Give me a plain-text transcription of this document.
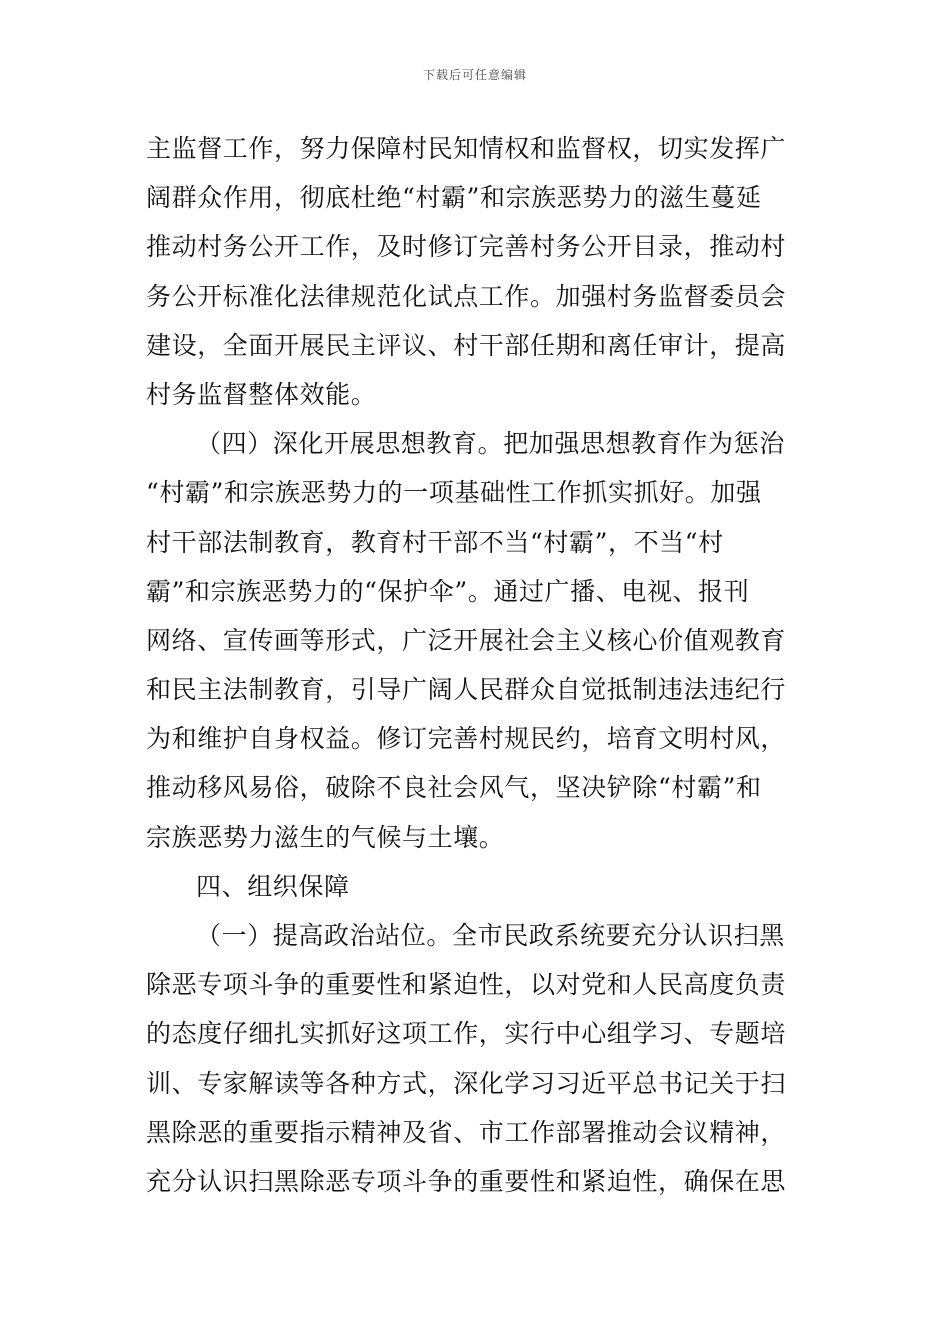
下载后可任意编辑
主监督工作，努力保障村民知情权和监督权，切实发挥广
阔群众作用，彻底杜绝“村霸”和宗族恶势力的滋生蔓延
推动村务公开工作，及时修订完善村务公开目录，推动村
务公开标准化法律规范化试点工作。加强村务监督委员会
建设，全面开展民主评议、村干部任期和离任审计，提高
村务监督整体效能。
（四）深化开展思想教育。把加强思想教育作为惩治
“村霸”和宗族恶势力的一项基础性工作抓实抓好。加强
村干部法制教育，教育村干部不当“村霸”，不当“村
霸”和宗族恶势力的“保护伞”。通过广播、电视、报刊
网络、宣传画等形式，广泛开展社会主义核心价值观教育
和民主法制教育，引导广阔人民群众自觉抵制违法违纪行
为和维护自身权益。修订完善村规民约，培育文明村风，
推动移风易俗，破除不良社会风气，坚决铲除“村霸”和
宗族恶势力滋生的气候与土壤。
四、组织保障
（一）提高政治站位。全市民政系统要充分认识扫黑
除恶专项斗争的重要性和紧迫性，以对党和人民高度负责
的态度仔细扎实抓好这项工作，实行中心组学习、专题培
训、专家解读等各种方式，深化学习习近平总书记关于扫
黑除恶的重要指示精神及省、市工作部署推动会议精神，
充分认识扫黑除恶专项斗争的重要性和紧迫性，确保在思
